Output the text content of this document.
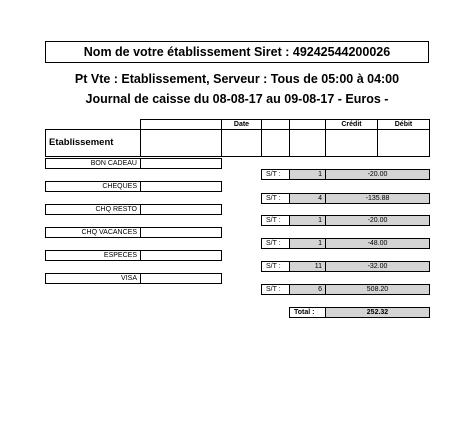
Nom de votre établissement Siret : 49242544200026
Pt Vte : Etablissement, Serveur : Tous de 05:00 à 04:00
Journal de caisse du 08-08-17 au 09-08-17 - Euros -
Date	Crédit	Débit
Etablissement
BON CADEAU
S/T :	1	-20.00
CHEQUES
S/T :	4	-135.88
CHQ RESTO
S/T :	1	-20.00
CHQ VACANCES
S/T :	1	-48.00
ESPECES
S/T :	11	-32.00
VISA
S/T :	6	508.20
Total :	252.32
